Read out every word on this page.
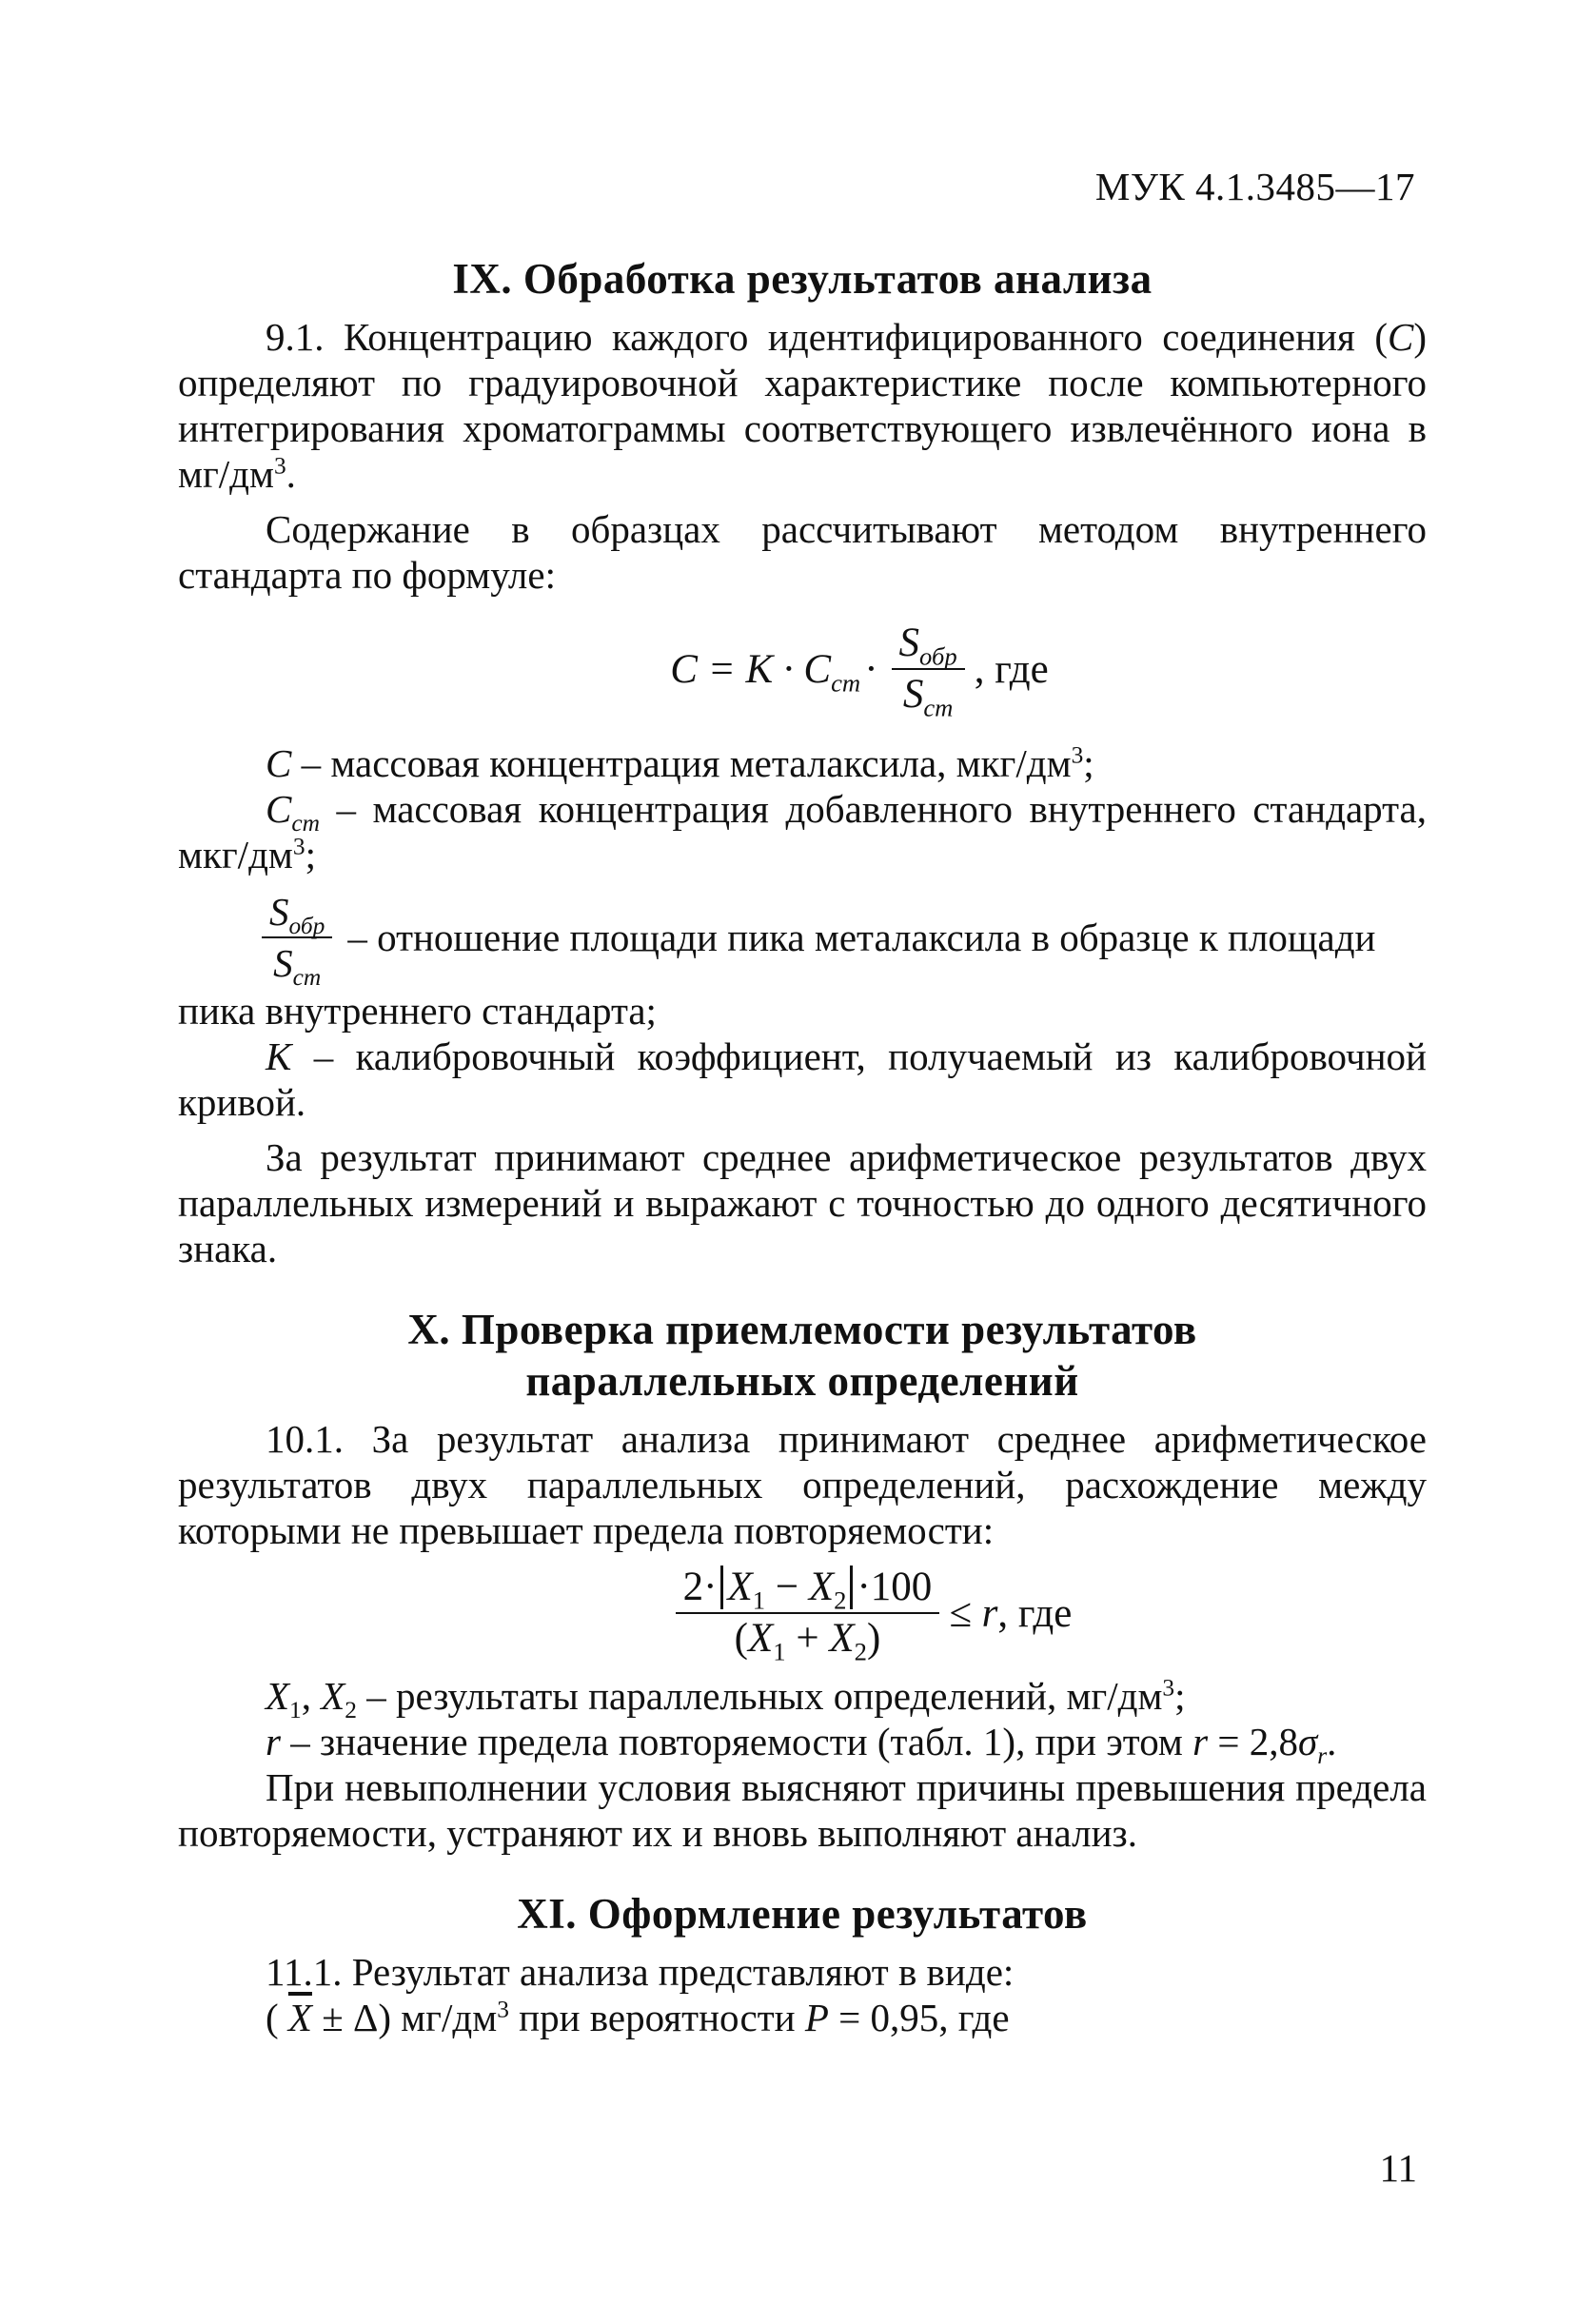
МУК 4.1.3485—17
IX. Обработка результатов анализа

9.1. Концентрацию каждого идентифицированного соединения (C) определяют по градуировочной характеристике после компьютерного интегрирования хроматограммы соответствующего извлечённого иона в $мг/дм^3$.

Содержание в образцах рассчитывают методом внутреннего стандарта по формуле:

$C = K \cdot C_{cm} \cdot \frac{S_{обр}}{S_{cm}}$ , где

C – массовая концентрация металаксила, мкг/$дм^3$;

$C_{cm}$ – массовая концентрация добавленного внутреннего стандарта, мкг/$дм^3$;

$\frac{S_{обр}}{S_{cm}}$ – отношение площади пика металаксила в образце к площади

пика внутреннего стандарта;

K – калибровочный коэффициент, получаемый из калибровочной кривой.

За результат принимают среднее арифметическое результатов двух параллельных измерений и выражают с точностью до одного десятичного знака.

X. Проверка приемлемости результатов
параллельных определений

10.1. За результат анализа принимают среднее арифметическое результатов двух параллельных определений, расхождение между которыми не превышает предела повторяемости:

$\frac{2\cdot X_1 - X_2 \cdot 100}{(X_1 + X_2)} \le r$ , где

$X_1$, $X_2$ – результаты параллельных определений, $мг/дм^3$;

r – значение предела повторяемости (табл. 1), при этом $r = 2,8\sigma_r$.

При невыполнении условия выясняют причины превышения предела повторяемости, устраняют их и вновь выполняют анализ.

XI. Оформление результатов

11.1. Результат анализа представляют в виде:

( $\overline{X} \pm \Delta$) $мг/дм^3$ при вероятности P = 0,95, где

11
